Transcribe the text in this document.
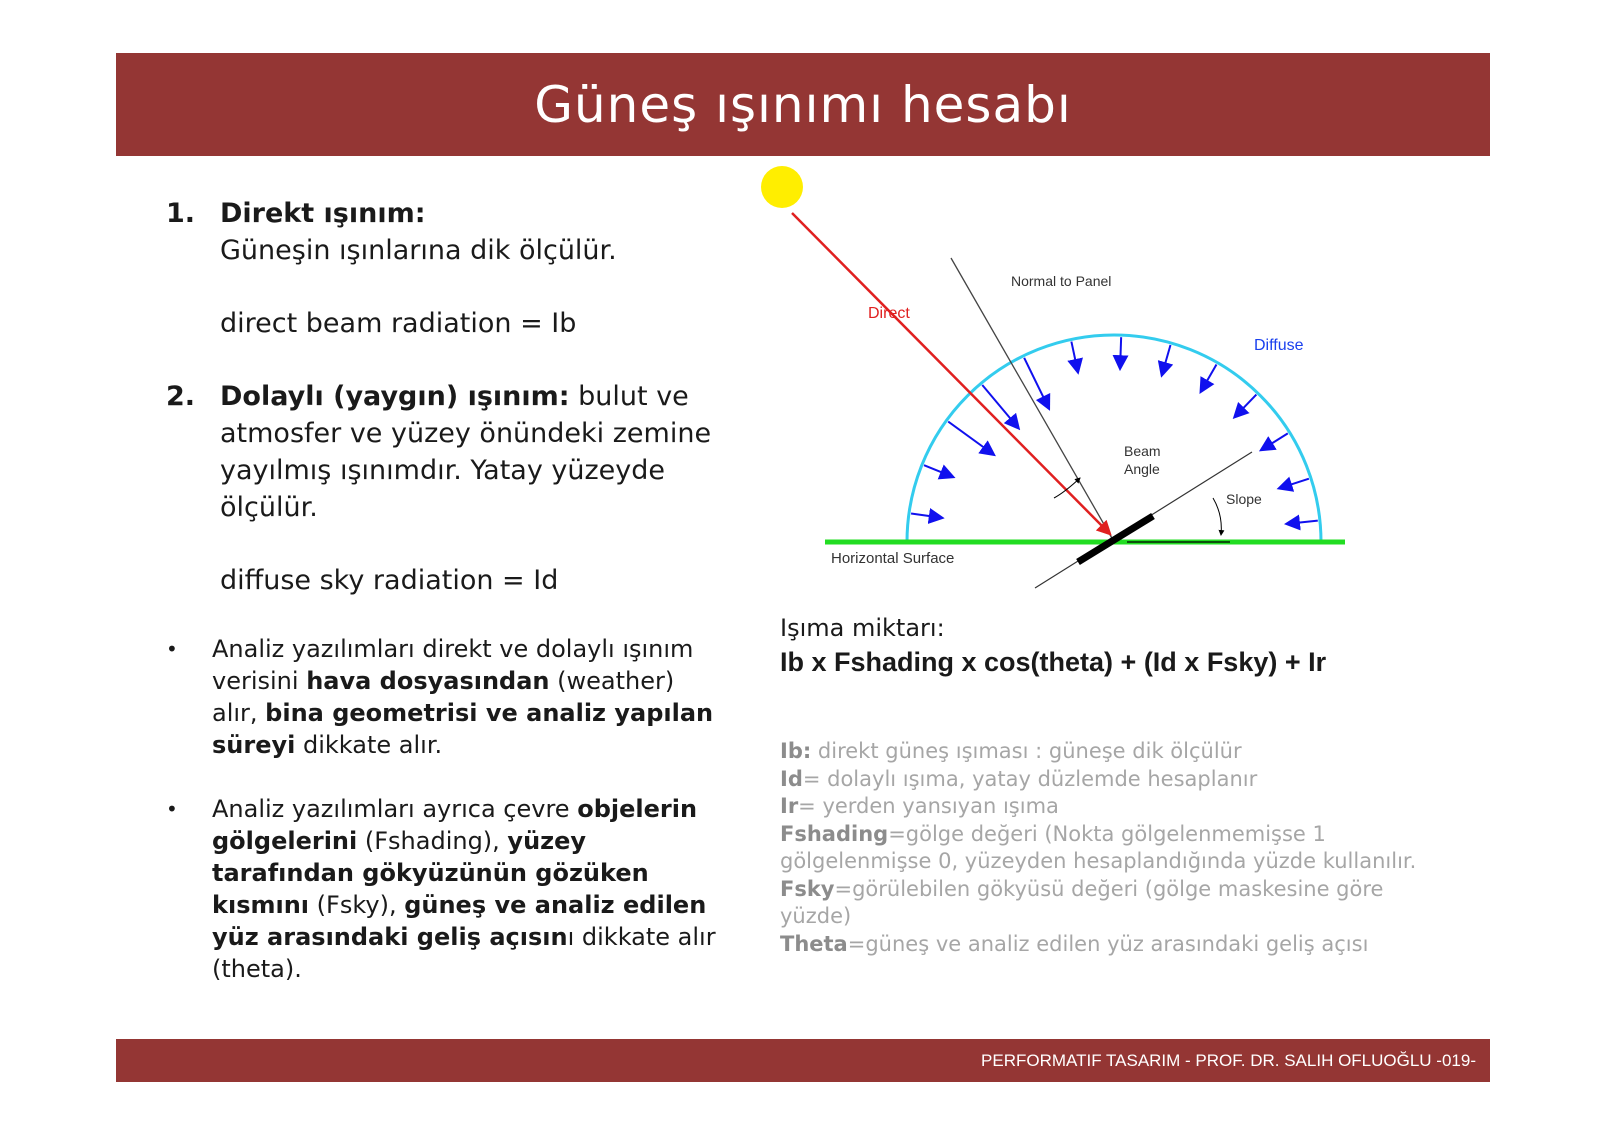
Güneş ışınımı hesabı
1. Direkt ışınım:

Güneşin ışınlarına dik ölçülür.

direct beam radiation = Ib

2. Dolaylı (yaygın) ışınım: bulut ve atmosfer ve yüzey önündeki zemine yayılmış ışınımdır. Yatay yüzeyde ölçülür.

diffuse sky radiation = Id

• Analiz yazılımları direkt ve dolaylı ışınım verisini hava dosyasından (weather) alır, bina geometrisi ve analiz yapılan süreyi dikkate alır.
• Analiz yazılımları ayrıca çevre objelerin gölgelerini (Fshading), yüzey tarafından gökyüzünün gözüken kısmını (Fsky), güneş ve analiz edilen yüz arasındaki geliş açısını dikkate alır (theta).
Normal to Panel
Direct
Diffuse
Beam
Angle
Slope
Horizontal Surface
Işıma miktarı:
Ib x Fshading x cos(theta) + (Id x Fsky) + Ir

Ib: direkt güneş ışıması : güneşe dik ölçülür

Id= dolaylı ışıma, yatay düzlemde hesaplanır

Ir= yerden yansıyan ışıma

Fshading=gölge değeri (Nokta gölgelenmemişse 1 gölgelenmişse 0, yüzeyden hesaplandığında yüzde kullanılır.

Fsky=görülebilen gökyüsü değeri (gölge maskesine göre yüzde)

Theta=güneş ve analiz edilen yüz arasındaki geliş açısı

PERFORMATIF TASARIM - PROF. DR. SALIH OFLUOĞLU -019-
